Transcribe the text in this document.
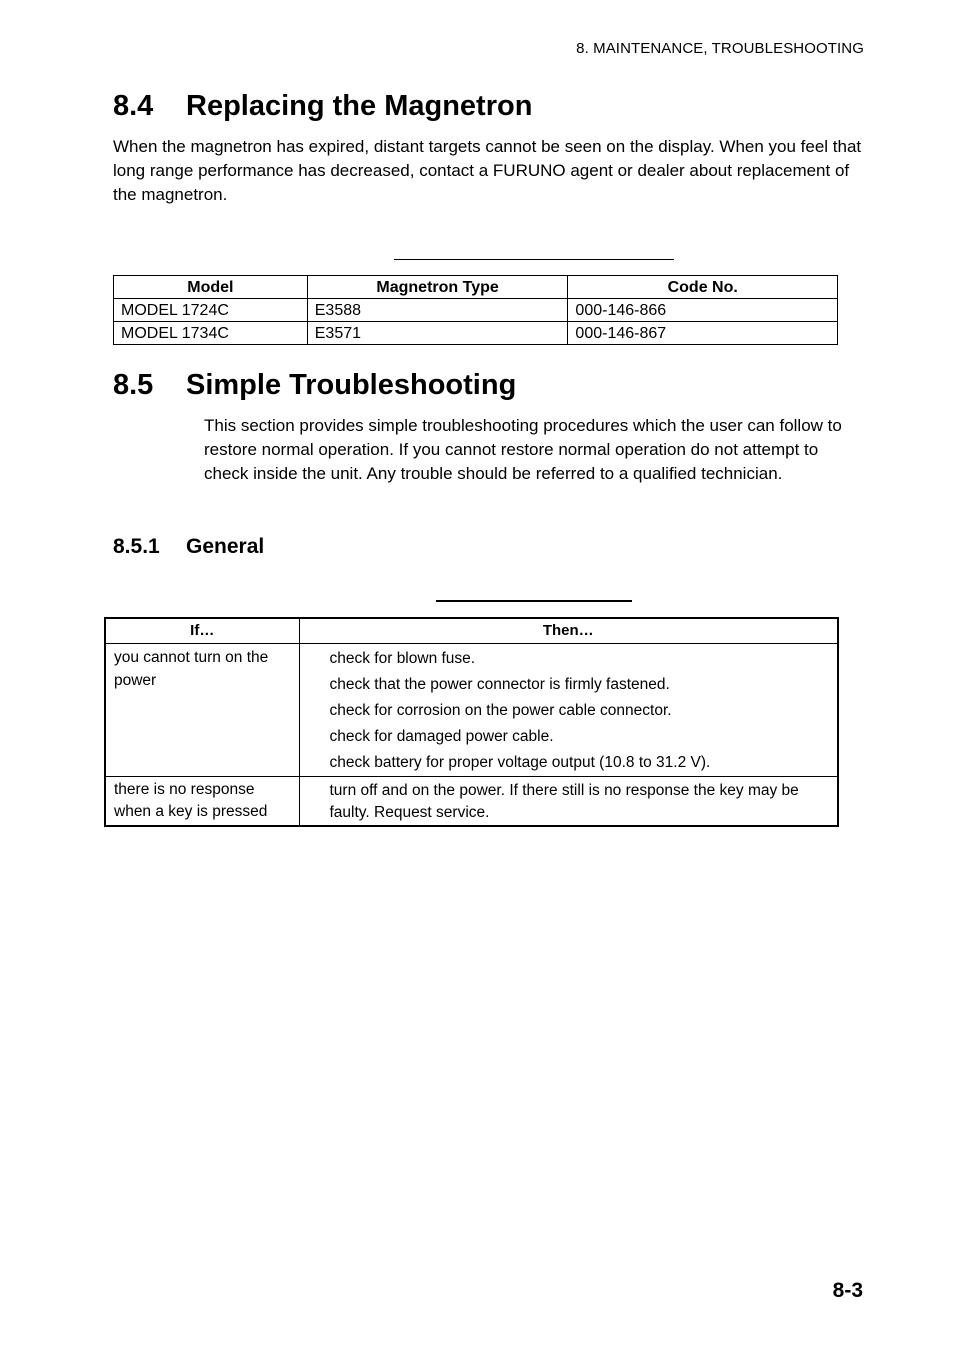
8. MAINTENANCE, TROUBLESHOOTING
8.4 Replacing the Magnetron
When the magnetron has expired, distant targets cannot be seen on the display. When you feel that long range performance has decreased, contact a FURUNO agent or dealer about replacement of the magnetron.
Model	Magnetron Type	Code No.
MODEL 1724C	E3588	000-146-866
MODEL 1734C	E3571	000-146-867
8.5 Simple Troubleshooting
This section provides simple troubleshooting procedures which the user can follow to restore normal operation. If you cannot restore normal operation do not attempt to check inside the unit. Any trouble should be referred to a qualified technician.
8.5.1 General
If…	Then…
you cannot turn on the power	check for blown fuse.
check that the power connector is firmly fastened.
check for corrosion on the power cable connector.
check for damaged power cable.
check battery for proper voltage output (10.8 to 31.2 V).

there is no response when a key is pressed	turn off and on the power. If there still is no response the key may be faulty. Request service.
8-3
